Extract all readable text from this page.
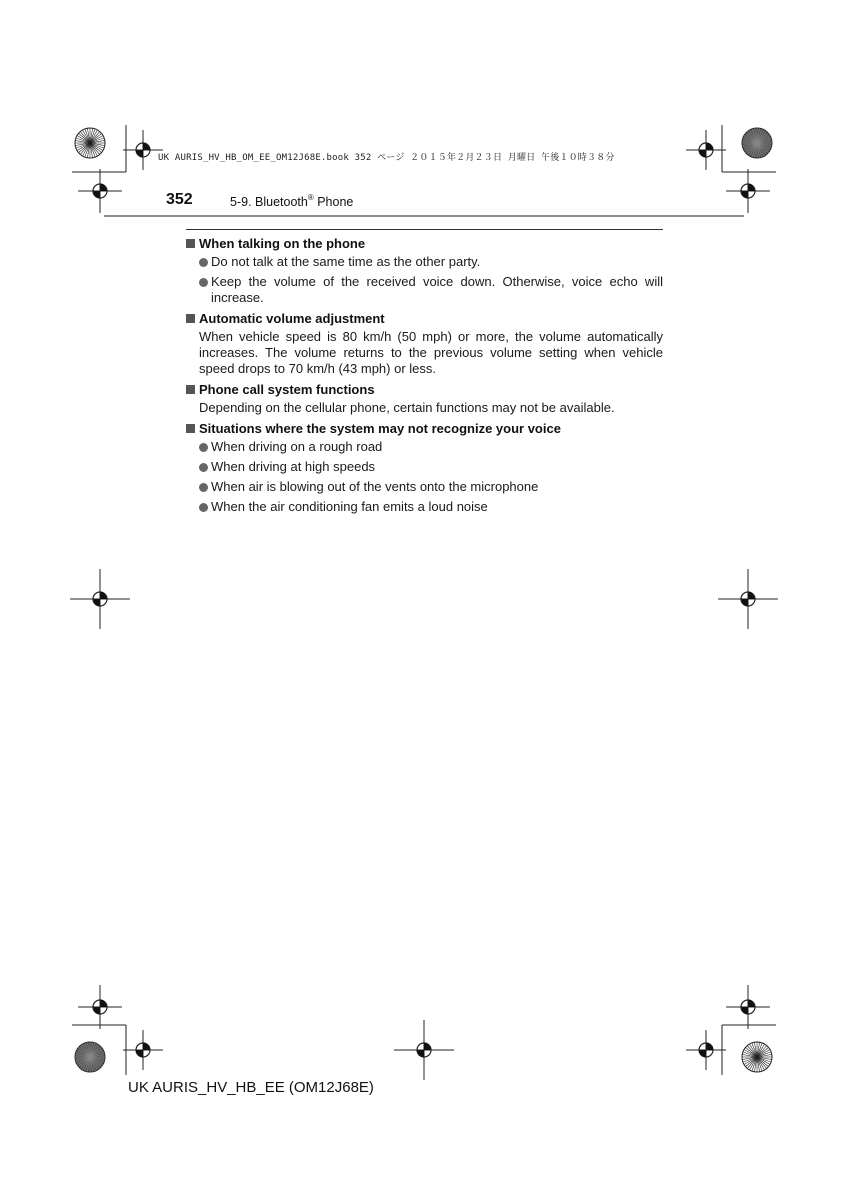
UK AURIS_HV_HB_OM_EE_OM12J68E.book 352 ページ ２０１５年２月２３日 月曜日 午後１０時３８分
352	5-9. Bluetooth® Phone
When talking on the phone
Do not talk at the same time as the other party.
Keep the volume of the received voice down. Otherwise, voice echo will increase.
Automatic volume adjustment
When vehicle speed is 80 km/h (50 mph) or more, the volume automatically increases. The volume returns to the previous volume setting when vehicle speed drops to 70 km/h (43 mph) or less.
Phone call system functions
Depending on the cellular phone, certain functions may not be available.
Situations where the system may not recognize your voice
When driving on a rough road
When driving at high speeds
When air is blowing out of the vents onto the microphone
When the air conditioning fan emits a loud noise
UK AURIS_HV_HB_EE (OM12J68E)
